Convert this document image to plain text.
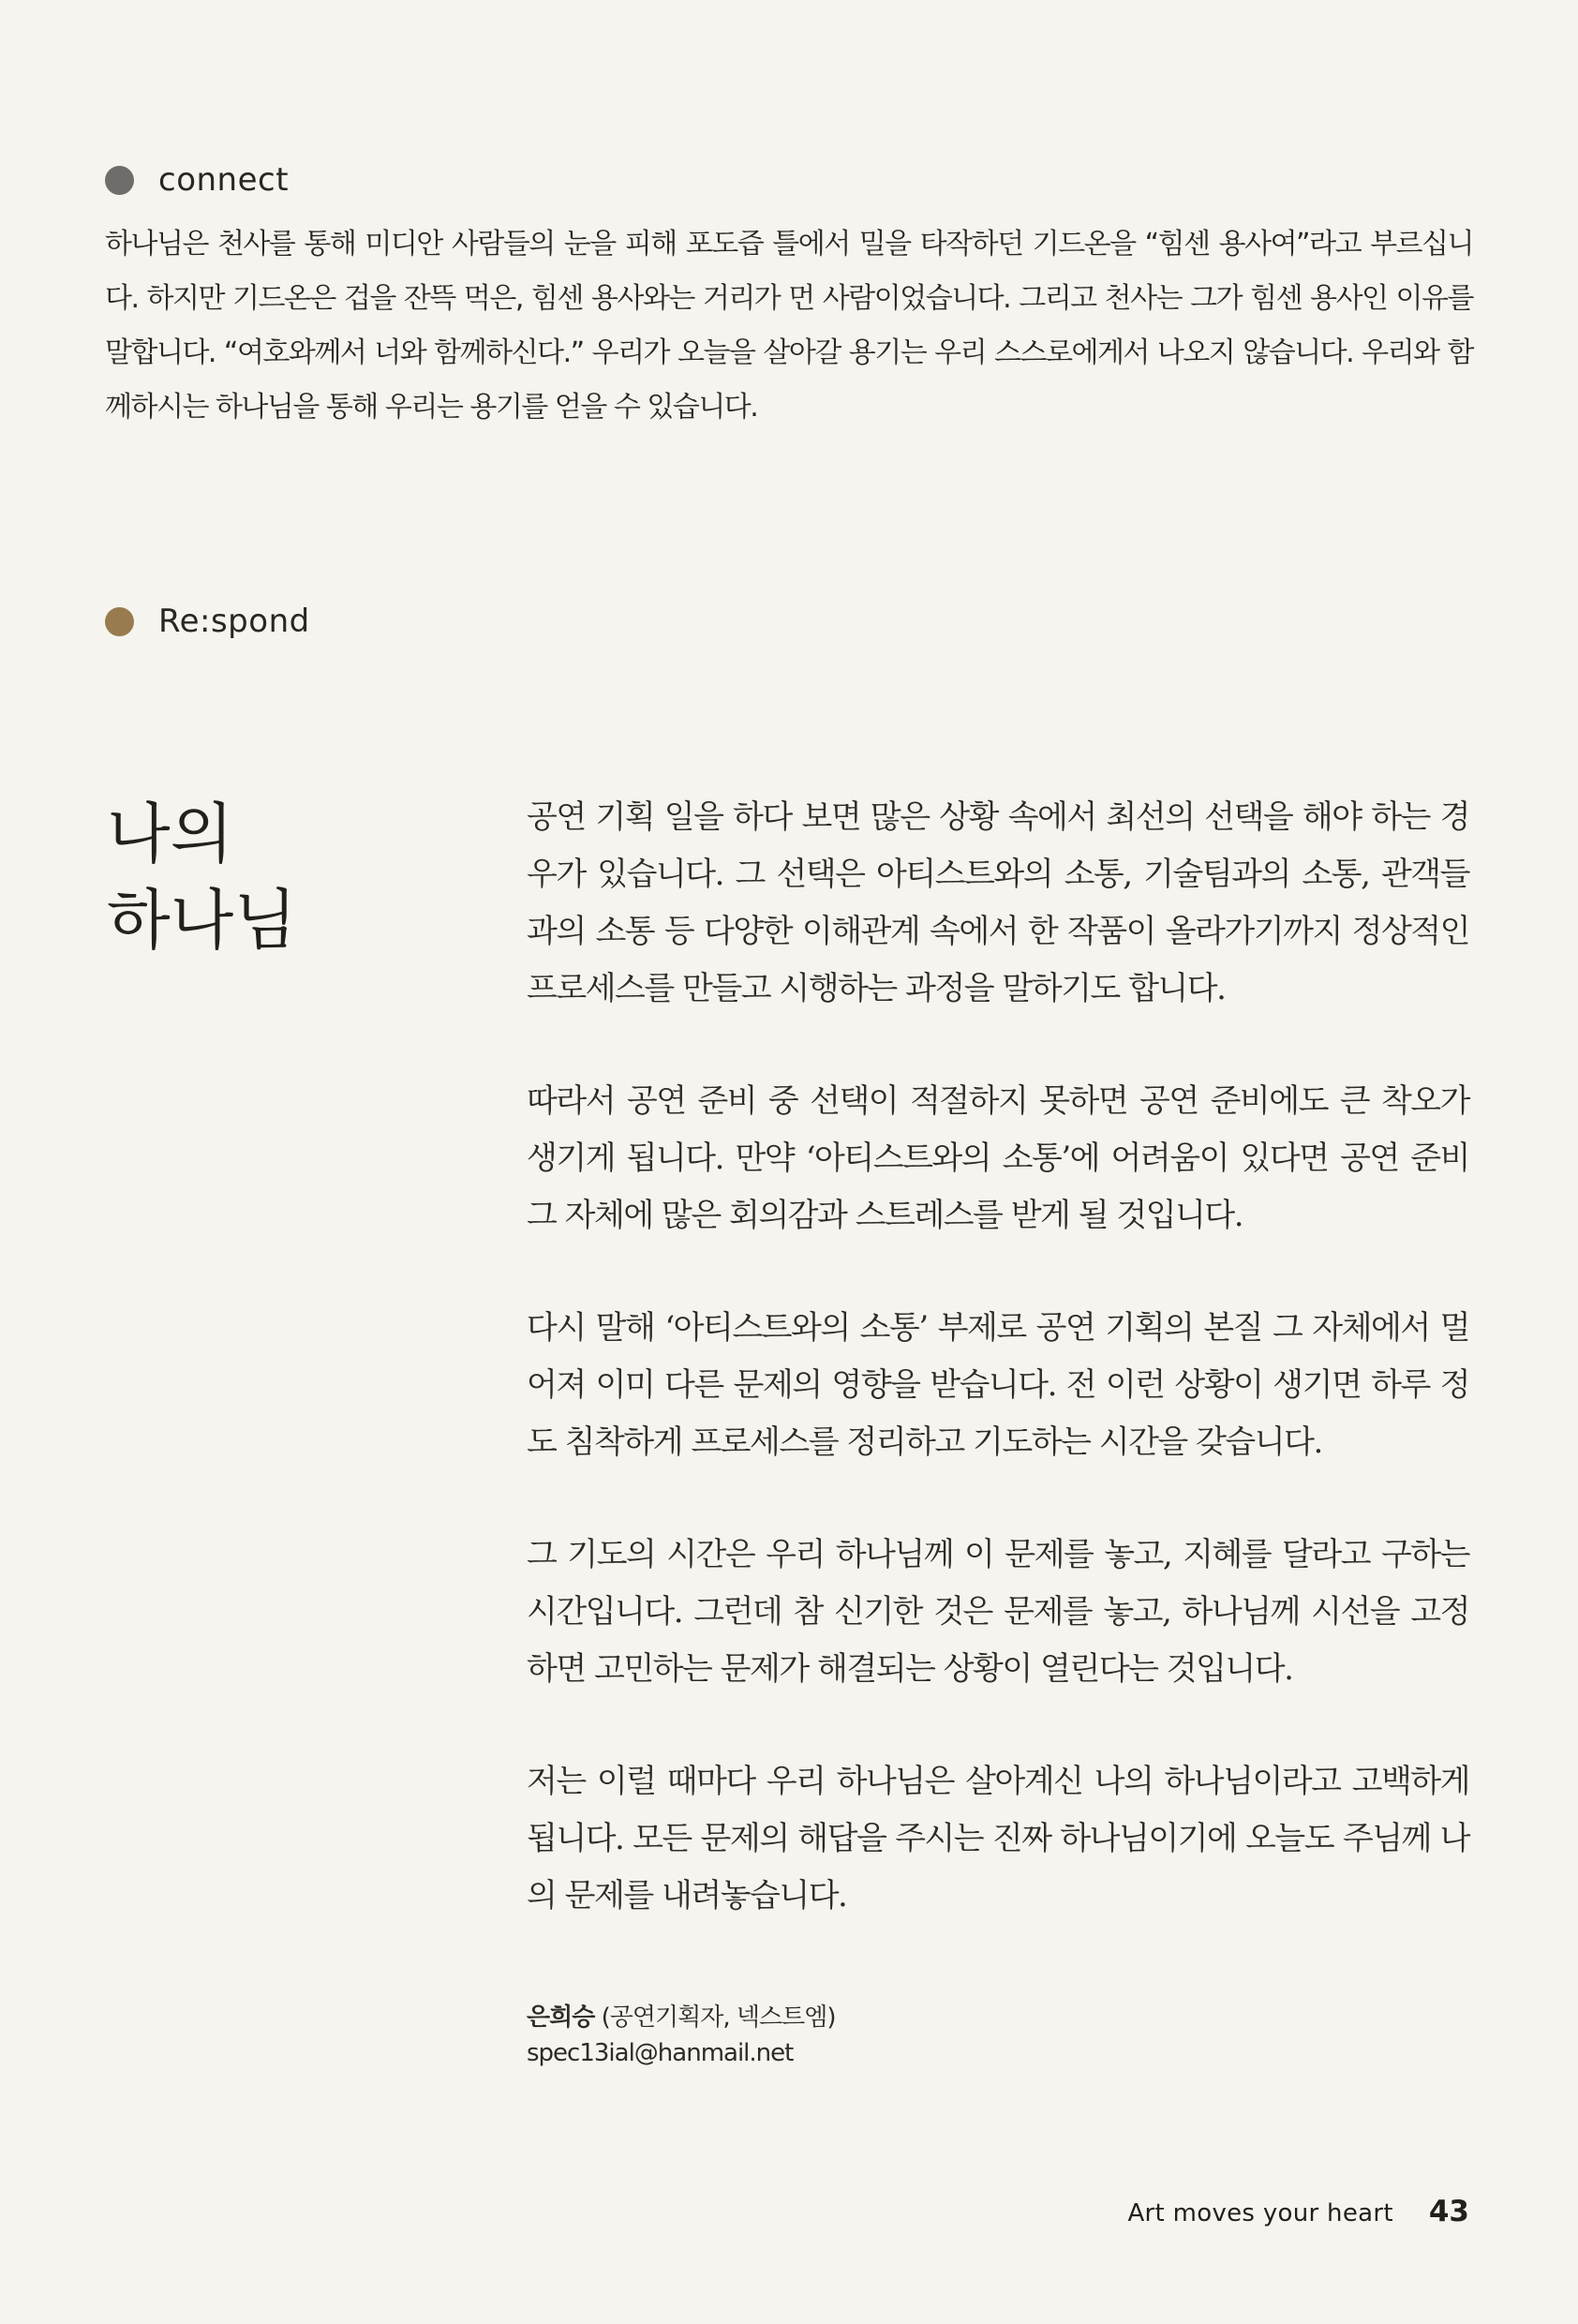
connect

하나님은 천사를 통해 미디안 사람들의 눈을 피해 포도즙 틀에서 밀을 타작하던 기드온을 “힘센 용사여”라고 부르십니다. 하지만 기드온은 겁을 잔뜩 먹은, 힘센 용사와는 거리가 먼 사람이었습니다. 그리고 천사는 그가 힘센 용사인 이유를 말합니다. “여호와께서 너와 함께하신다.” 우리가 오늘을 살아갈 용기는 우리 스스로에게서 나오지 않습니다. 우리와 함께하시는 하나님을 통해 우리는 용기를 얻을 수 있습니다.

Re:spond
나의
하나님

공연 기획 일을 하다 보면 많은 상황 속에서 최선의 선택을 해야 하는 경우가 있습니다. 그 선택은 아티스트와의 소통, 기술팀과의 소통, 관객들과의 소통 등 다양한 이해관계 속에서 한 작품이 올라가기까지 정상적인 프로세스를 만들고 시행하는 과정을 말하기도 합니다.

따라서 공연 준비 중 선택이 적절하지 못하면 공연 준비에도 큰 착오가 생기게 됩니다. 만약 ‘아티스트와의 소통’에 어려움이 있다면 공연 준비 그 자체에 많은 회의감과 스트레스를 받게 될 것입니다.

다시 말해 ‘아티스트와의 소통’ 부제로 공연 기획의 본질 그 자체에서 멀어져 이미 다른 문제의 영향을 받습니다. 전 이런 상황이 생기면 하루 정도 침착하게 프로세스를 정리하고 기도하는 시간을 갖습니다.

그 기도의 시간은 우리 하나님께 이 문제를 놓고, 지혜를 달라고 구하는 시간입니다. 그런데 참 신기한 것은 문제를 놓고, 하나님께 시선을 고정하면 고민하는 문제가 해결되는 상황이 열린다는 것입니다.

저는 이럴 때마다 우리 하나님은 살아계신 나의 하나님이라고 고백하게 됩니다. 모든 문제의 해답을 주시는 진짜 하나님이기에 오늘도 주님께 나의 문제를 내려놓습니다.

은희승 (공연기획자, 넥스트엠)
spec13ial@hanmail.net
Art moves your heart 43
